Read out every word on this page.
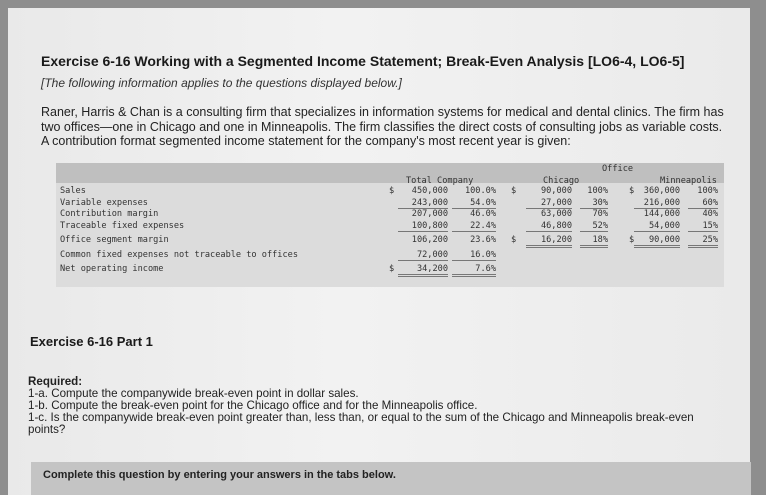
Exercise 6-16 Working with a Segmented Income Statement; Break-Even Analysis [LO6-4, LO6-5]
[The following information applies to the questions displayed below.]
Raner, Harris & Chan is a consulting firm that specializes in information systems for medical and dental clinics. The firm has two offices—one in Chicago and one in Minneapolis. The firm classifies the direct costs of consulting jobs as variable costs. A contribution format segmented income statement for the company's most recent year is given:
Office
Total Company	Chicago	Minneapolis
Sales	$	450,000	100.0% $	90,000	100% $	360,000	100%
Variable expenses	243,000	54.0%	27,000	30%	216,000	60%
Contribution margin	207,000	46.0%	63,000	70%	144,000	40%
Traceable fixed expenses	100,800	22.4%	46,800	52%	54,000	15%
Office segment margin	106,200	23.6% $	16,200	18% $	90,000	25%
Common fixed expenses not traceable to offices	72,000	16.0%
Net operating income	$	34,200	7.6%
Exercise 6-16 Part 1
Required:
1-a. Compute the companywide break-even point in dollar sales.
1-b. Compute the break-even point for the Chicago office and for the Minneapolis office.
1-c. Is the companywide break-even point greater than, less than, or equal to the sum of the Chicago and Minneapolis break-even points?
Complete this question by entering your answers in the tabs below.
